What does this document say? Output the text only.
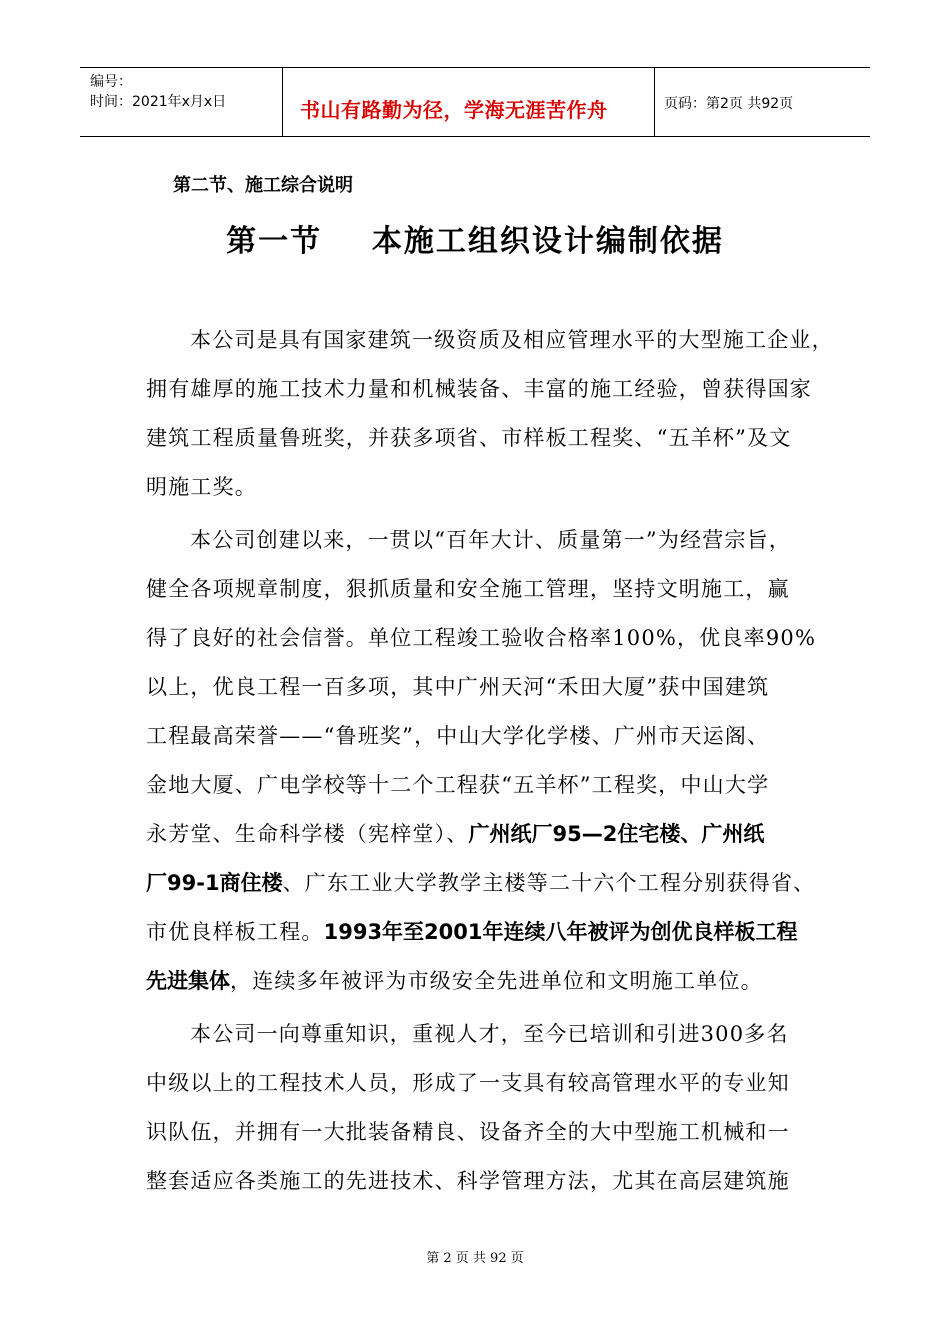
编号：
时间：2021年x月x日	书山有路勤为径，学海无涯苦作舟	页码：第2页 共92页
第二节、施工综合说明
第一节    本施工组织设计编制依据
本公司是具有国家建筑一级资质及相应管理水平的大型施工企业，
拥有雄厚的施工技术力量和机械装备、丰富的施工经验，曾获得国家
建筑工程质量鲁班奖，并获多项省、市样板工程奖、“五羊杯”及文
明施工奖。
本公司创建以来，一贯以“百年大计、质量第一”为经营宗旨，
健全各项规章制度，狠抓质量和安全施工管理，坚持文明施工，赢
得了良好的社会信誉。单位工程竣工验收合格率100%，优良率90%
以上，优良工程一百多项，其中广州天河“禾田大厦”获中国建筑
工程最高荣誉——“鲁班奖”，中山大学化学楼、广州市天运阁、
金地大厦、广电学校等十二个工程获“五羊杯”工程奖，中山大学
永芳堂、生命科学楼（宪梓堂）、广州纸厂95—2住宅楼、广州纸
厂99-1商住楼、广东工业大学教学主楼等二十六个工程分别获得省、
市优良样板工程。1993年至2001年连续八年被评为创优良样板工程
先进集体，连续多年被评为市级安全先进单位和文明施工单位。
本公司一向尊重知识，重视人才，至今已培训和引进300多名
中级以上的工程技术人员，形成了一支具有较高管理水平的专业知
识队伍，并拥有一大批装备精良、设备齐全的大中型施工机械和一
整套适应各类施工的先进技术、科学管理方法，尤其在高层建筑施
第 2 页 共 92 页
